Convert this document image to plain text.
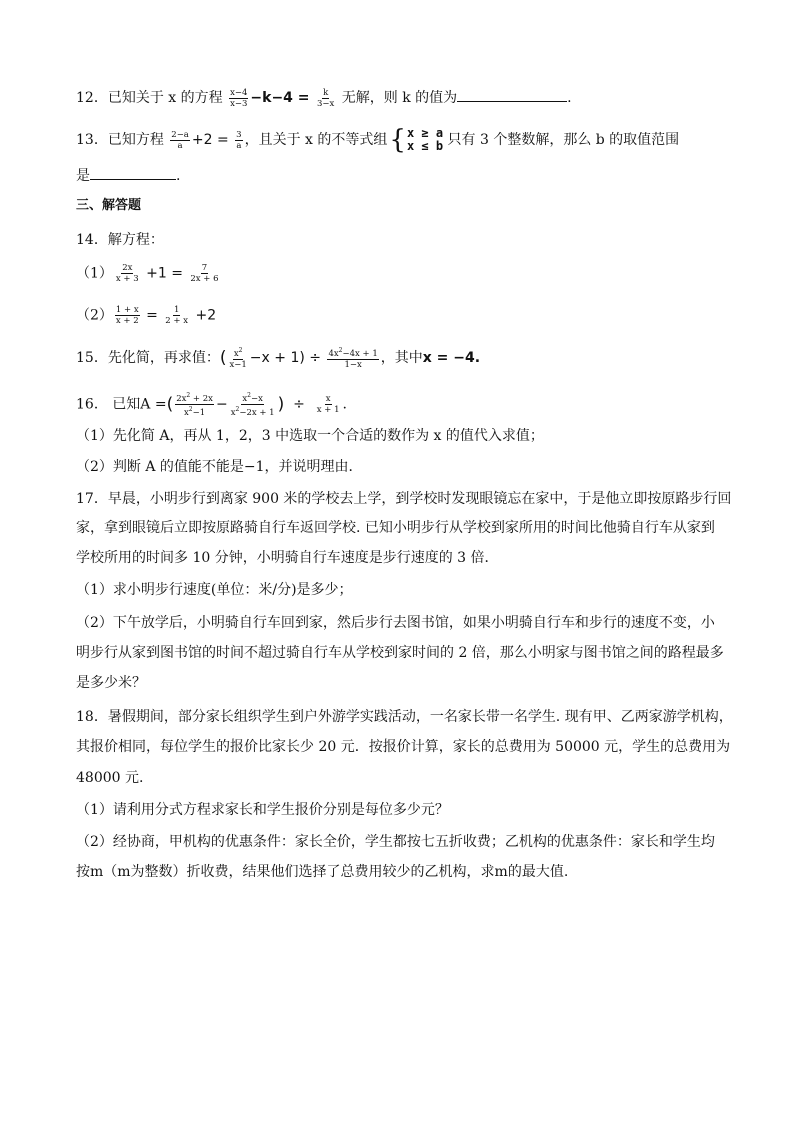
12．已知关于 x 的方程 $\frac{x-4}{x-3} -k-4 = \frac{k}{3-x}$ 无解，则 k 的值为	.
13．已知方程 $\frac{2-a}{a} +2 = \frac{3}{a}$ ，且关于 x 的不等式组{ x ≥ a
x ≤ b 只有 3 个整数解，那么 b 的取值范围
是	.
三、解答题
14．解方程：
$(1) \frac{2x}{x + 3} +1 = \frac{7}{2x + 6}$
$(2) \frac{1 + x}{x + 2} = \frac{1}{2 + x} +2$
15．先化简，再求值：( $\frac{x^2}{x-1} -x + 1) \div \frac{4x^2-4x + 1}{1-x}$ ，其中x = −4.
16． 已知A =( $\frac{2x^2 + 2x}{x^2-1} - \frac{x^2-x}{x^2-2x + 1}$ ) ÷ $\frac{x}{x + 1}$ .
（1）先化简 A，再从 1，2，3 中选取一个合适的数作为 x 的值代入求值；
（2）判断 A 的值能不能是−1，并说明理由．
17．早晨，小明步行到离家 900 米的学校去上学，到学校时发现眼镜忘在家中，于是他立即按原路步行回
家，拿到眼镜后立即按原路骑自行车返回学校. 已知小明步行从学校到家所用的时间比他骑自行车从家到
学校所用的时间多 10 分钟，小明骑自行车速度是步行速度的 3 倍．
（1）求小明步行速度(单位：米/分)是多少；
（2）下午放学后，小明骑自行车回到家，然后步行去图书馆，如果小明骑自行车和步行的速度不变，小
明步行从家到图书馆的时间不超过骑自行车从学校到家时间的 2 倍，那么小明家与图书馆之间的路程最多
是多少米？
18．暑假期间，部分家长组织学生到户外游学实践活动，一名家长带一名学生. 现有甲、乙两家游学机构，
其报价相同，每位学生的报价比家长少 20 元．按报价计算，家长的总费用为 50000 元，学生的总费用为
48000 元.
（1）请利用分式方程求家长和学生报价分别是每位多少元？
（2）经协商，甲机构的优惠条件：家长全价，学生都按七五折收费；乙机构的优惠条件：家长和学生均
按m（m为整数）折收费，结果他们选择了总费用较少的乙机构，求m的最大值.
